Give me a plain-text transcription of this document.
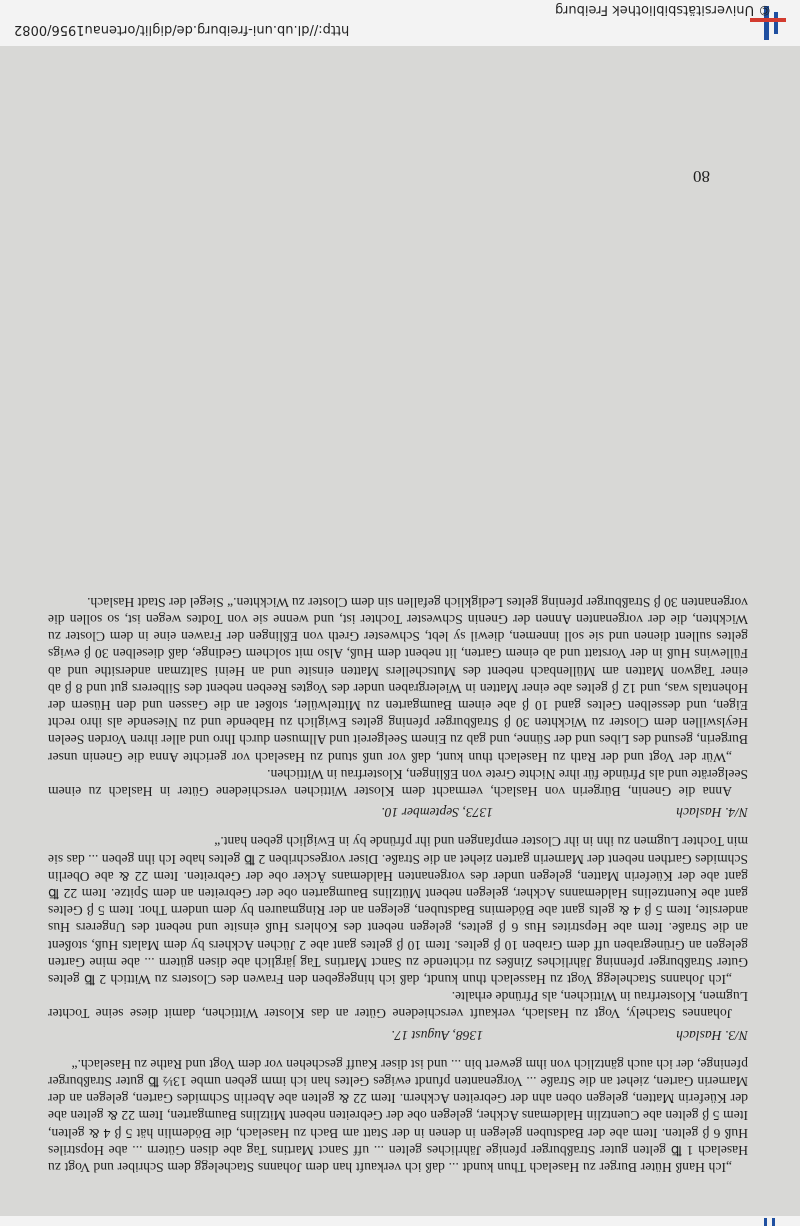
© Universitätsbibliothek Freiburg
http://dl.ub.uni-freiburg.de/diglit/ortenau1956/0082

„Ich Hanß Hüter Burger zu Haselach Thun kundt ... daß ich verkauft han dem Johanns Stachelegg dem Schriber und Vogt zu Haselach 1 ℔ gelten guter Straßburger pfenige Jährliches gelten ... uff Sanct Martins Tag abe disen Gütern ... abe Hopstriles Huß 6 β gelten. Item abe der Badstuben gelegen in denen in der Statt am Bach zu Haselach, die Bödemlin hät 5 β 4 & gelten, Item 5 β gelten abe Cuentzlin Haldemans Ackher, gelegen obe der Gebreiten nebent Mitzlins Baumgarten, Item 22 & gelten abe der Küeferin Matten, gelegen oben ahn der Gebreiten Ackhern. Item 22 & gelten abe Aberlin Schmides Garten, gelegen an der Marnerin Garten, ziehet an die Straße ... Vorgenanten pfundt ewiges Geltes han ich imm geben umbe 13½ ℔ guter Straßburger pfeninge, der ich auch gäntzlich von ihm gewert bin ... und ist diser Kauff geschehen vor dem Vogt und Rathe zu Haselach.“

N/3. Haslach
1368, August 17.

Johannes Stachely, Vogt zu Haslach, verkauft verschiedene Güter an das Kloster Wittichen, damit diese seine Tochter Lugmen, Klosterfrau in Wittichen, als Pfründe erhalte.

„Ich Johanns Stachelegg Vogt zu Hasselach thun kundt, daß ich hingegeben den Frawen des Closters zu Wittich 2 ℔ geltes Guter Straßburger pfenning Jährliches Zinßes zu richtende zu Sanct Martins Tag järglich abe disen gütern ... abe mine Garten gelegen an Grünegraben uff dem Graben 10 β geltes. Item 10 β geltes gant abe 2 Jüchen Ackhers by dem Malats Huß, stoßent an die Straße. Item abe Hepstrites Hus 6 β geltes, gelegen nebent des Kohlers Huß einsite und nebent des Ungerers Hus andersite, Item 5 β 4 & gelts gant abe Bödemins Badstuben, gelegen an der Ringmauren by dem undern Thor. Item 5 β Geltes gant abe Kuentzelins Haldemanns Ackher, gelegen nebent Mützlins Baumgarten obe der Gebreiten an dem Spitze. Item 22 ℔ gant abe der Küeferin Matten, gelegen under des vorgenanten Haldemans Äcker obe der Gebreiten. Item 22 & abe Oberlin Schmides Garthen nebent der Marnerin garten ziehet an die Straße. Diser vorgeschriben 2 ℔ geltes habe Ich ihn geben ... das sie min Tochter Lugmen zu ihn in ihr Closter empfangen und ihr pfründe by in Ewiglich geben hant.“

N/4. Haslach
1373, September 10.

Anna die Gnenin, Bürgerin von Haslach, vermacht dem Kloster Wittichen verschiedene Güter in Haslach zu einem Seelgeräte und als Pfründe für ihre Nichte Grete von Eßlingen, Klosterfrau in Wittichen.

„Wür der Vogt und der Rath zu Haselach thun kunt, daß vor unß stund zu Haselach vor gerichte Anna die Gnenin unser Burgerin, gesund des Libes und der Sünne, und gab zu Einem Seelgereit und Allmusen durch Ihro und aller ihren Vorden Seelen Heylswillen dem Closter zu Wickhten 30 β Straßburger pfening geltes Ewiglich zu Habende und zu Niesende als ihro recht Eigen, und desselben Geltes gand 10 β abe einem Baumgarten zu Mittelwüler, stoßet an die Gassen und den Hüsern der Hohentals was, und 12 β geltes abe einer Matten in Wielergraben under des Vogtes Reeben nebent des Silberers gut und 8 β ab einer Tagwon Matten am Müllenbach nebent des Mutschellers Matten einsite und an Heini Saltzman andersithe und ab Füllewins Huß in der Vorstatt und ab einem Garten, lit nebent dem Huß, Also mit solchem Gedinge, daß dieselben 30 β ewigs geltes sullent dienen und sie soll innemen, diewil sy lebt, Schwester Greth von Eßlingen der Frawen eine in dem Closter zu Wickhten, die der vorgenanten Annen der Gnenin Schwester Tochter ist, und wenne sie von Todtes wegen ist, so sollen die vorgenanten 30 β Straßburger pfening geltes Ledigklich gefallen sin dem Closter zu Wickhten.“ Siegel der Stadt Haslach.

80
